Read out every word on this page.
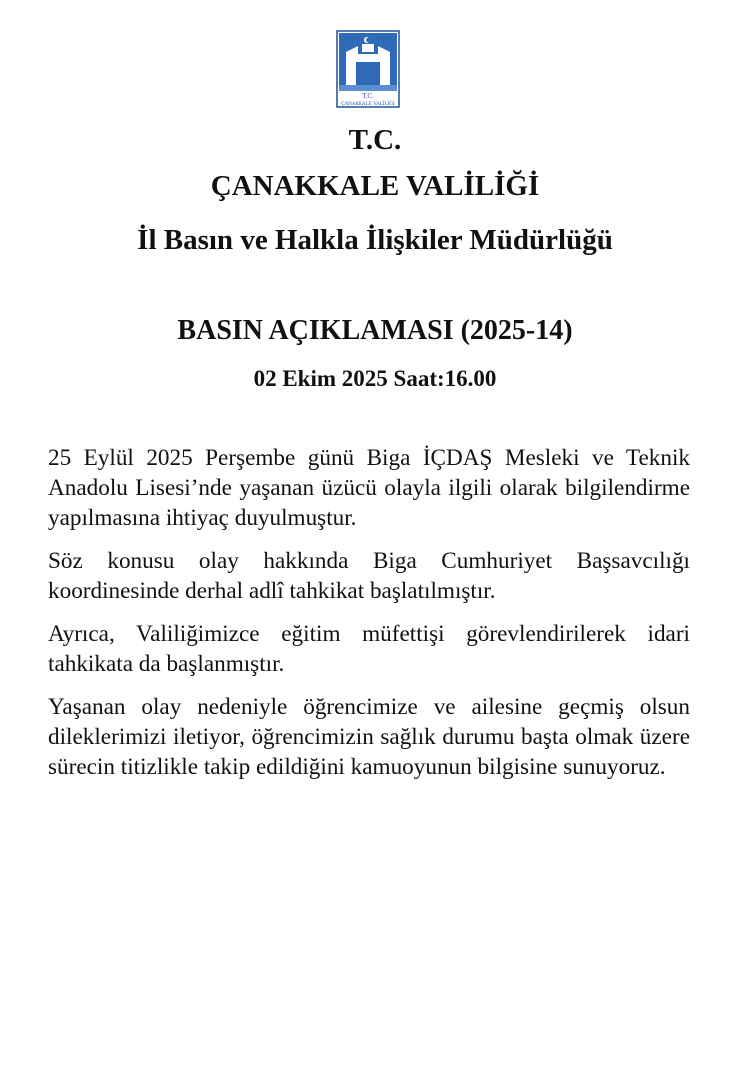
T.C.
ÇANAKKALE VALİLİĞİ
T.C.
ÇANAKKALE VALİLİĞİ
İl Basın ve Halkla İlişkiler Müdürlüğü
BASIN AÇIKLAMASI (2025-14)
02 Ekim 2025 Saat:16.00

25 Eylül 2025 Perşembe günü Biga İÇDAŞ Mesleki ve Teknik Anadolu Lisesi’nde yaşanan üzücü olayla ilgili olarak bilgilendirme yapılmasına ihtiyaç duyulmuştur.

Söz konusu olay hakkında Biga Cumhuriyet Başsavcılığı koordinesinde derhal adlî tahkikat başlatılmıştır.

Ayrıca, Valiliğimizce eğitim müfettişi görevlendirilerek idari tahkikata da başlanmıştır.

Yaşanan olay nedeniyle öğrencimize ve ailesine geçmiş olsun dileklerimizi iletiyor, öğrencimizin sağlık durumu başta olmak üzere sürecin titizlikle takip edildiğini kamuoyunun bilgisine sunuyoruz.
